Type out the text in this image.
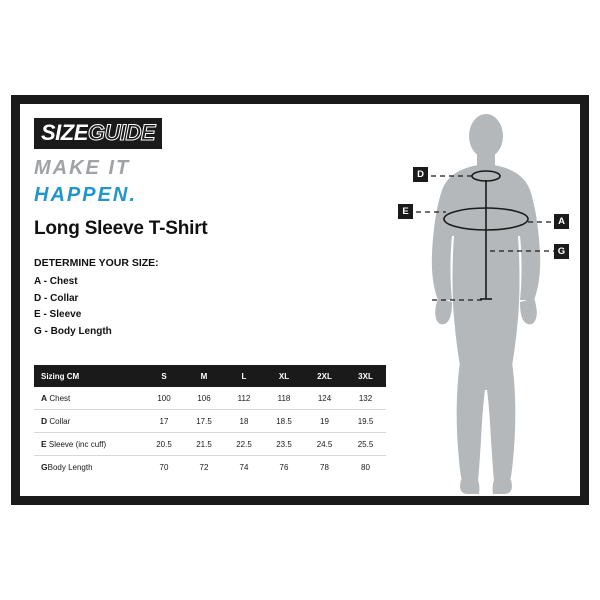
SIZEGUIDE
MAKE IT
HAPPEN.
Long Sleeve T-Shirt
DETERMINE YOUR SIZE:
A - Chest
D - Collar
E - Sleeve
G - Body Length
Sizing CM	S	M	L	XL	2XL	3XL
A Chest	100	106	112	118	124	132
D Collar	17	17.5	18	18.5	19	19.5
E Sleeve (inc cuff)	20.5	21.5	22.5	23.5	24.5	25.5
GBody Length	70	72	74	76	78	80
D
E
A
G
